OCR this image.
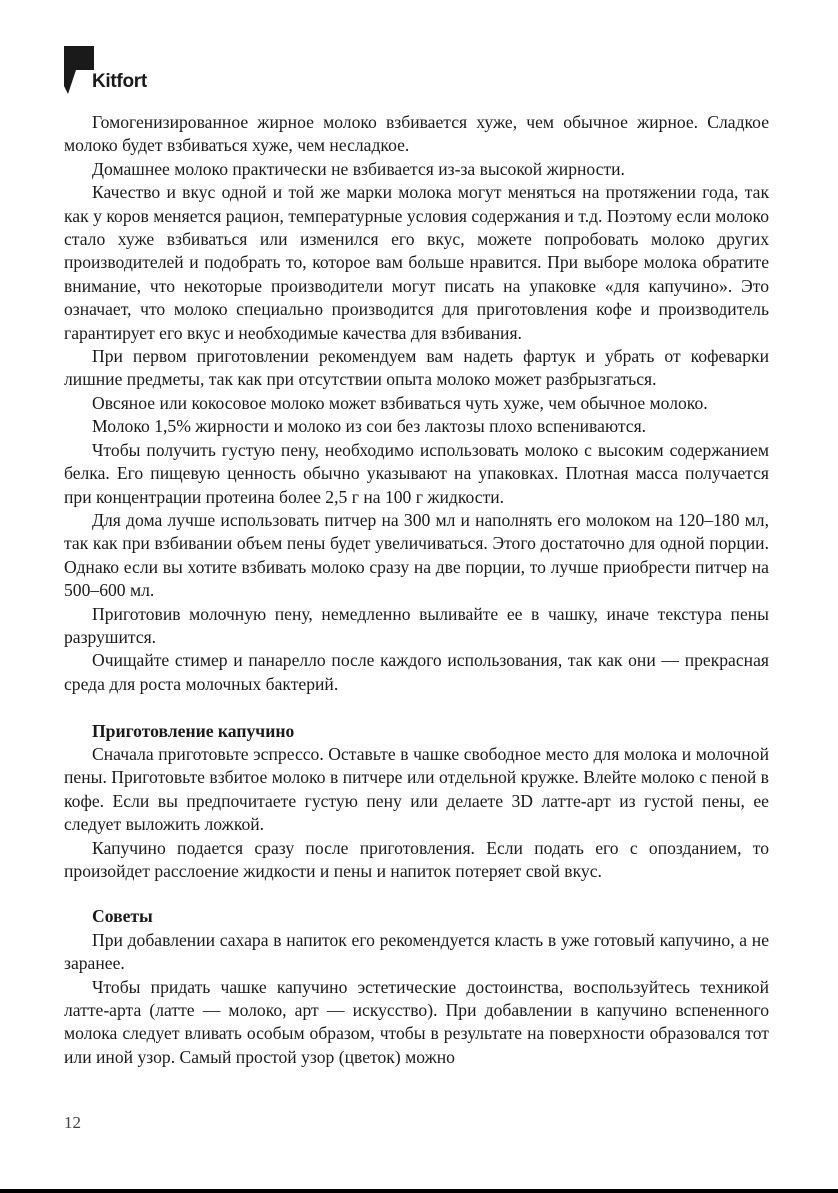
Kitfort

Гомогенизированное жирное молоко взбивается хуже, чем обычное жирное. Сладкое молоко будет взбиваться хуже, чем несладкое.

Домашнее молоко практически не взбивается из-за высокой жирности.

Качество и вкус одной и той же марки молока могут меняться на протяжении года, так как у коров меняется рацион, температурные условия содержания и т.д. Поэтому если молоко стало хуже взбиваться или изменился его вкус, можете попробовать молоко других производителей и подобрать то, которое вам больше нравится. При выборе молока обратите внимание, что некоторые производители могут писать на упаковке «для капучино». Это означает, что молоко специально производится для приготовления кофе и производитель гарантирует его вкус и необходимые качества для взбивания.

При первом приготовлении рекомендуем вам надеть фартук и убрать от кофеварки лишние предметы, так как при отсутствии опыта молоко может разбрызгаться.

Овсяное или кокосовое молоко может взбиваться чуть хуже, чем обычное молоко.

Молоко 1,5% жирности и молоко из сои без лактозы плохо вспениваются.

Чтобы получить густую пену, необходимо использовать молоко с высоким содержанием белка. Его пищевую ценность обычно указывают на упаковках. Плотная масса получается при концентрации протеина более 2,5 г на 100 г жидкости.

Для дома лучше использовать питчер на 300 мл и наполнять его молоком на 120–180 мл, так как при взбивании объем пены будет увеличиваться. Этого достаточно для одной порции. Однако если вы хотите взбивать молоко сразу на две порции, то лучше приобрести питчер на 500–600 мл.

Приготовив молочную пену, немедленно выливайте ее в чашку, иначе текстура пены разрушится.

Очищайте стимер и панарелло после каждого использования, так как они — прекрасная среда для роста молочных бактерий.

Приготовление капучино

Сначала приготовьте эспрессо. Оставьте в чашке свободное место для молока и молочной пены. Приготовьте взбитое молоко в питчере или отдельной кружке. Влейте молоко с пеной в кофе. Если вы предпочитаете густую пену или делаете 3D латте-арт из густой пены, ее следует выложить ложкой.

Капучино подается сразу после приготовления. Если подать его с опозданием, то произойдет расслоение жидкости и пены и напиток потеряет свой вкус.

Советы

При добавлении сахара в напиток его рекомендуется класть в уже готовый капучино, а не заранее.

Чтобы придать чашке капучино эстетические достоинства, воспользуйтесь техникой латте-арта (латте — молоко, арт — искусство). При добавлении в капучино вспененного молока следует вливать особым образом, чтобы в результате на поверхности образовался тот или иной узор. Самый простой узор (цветок) можно

12
